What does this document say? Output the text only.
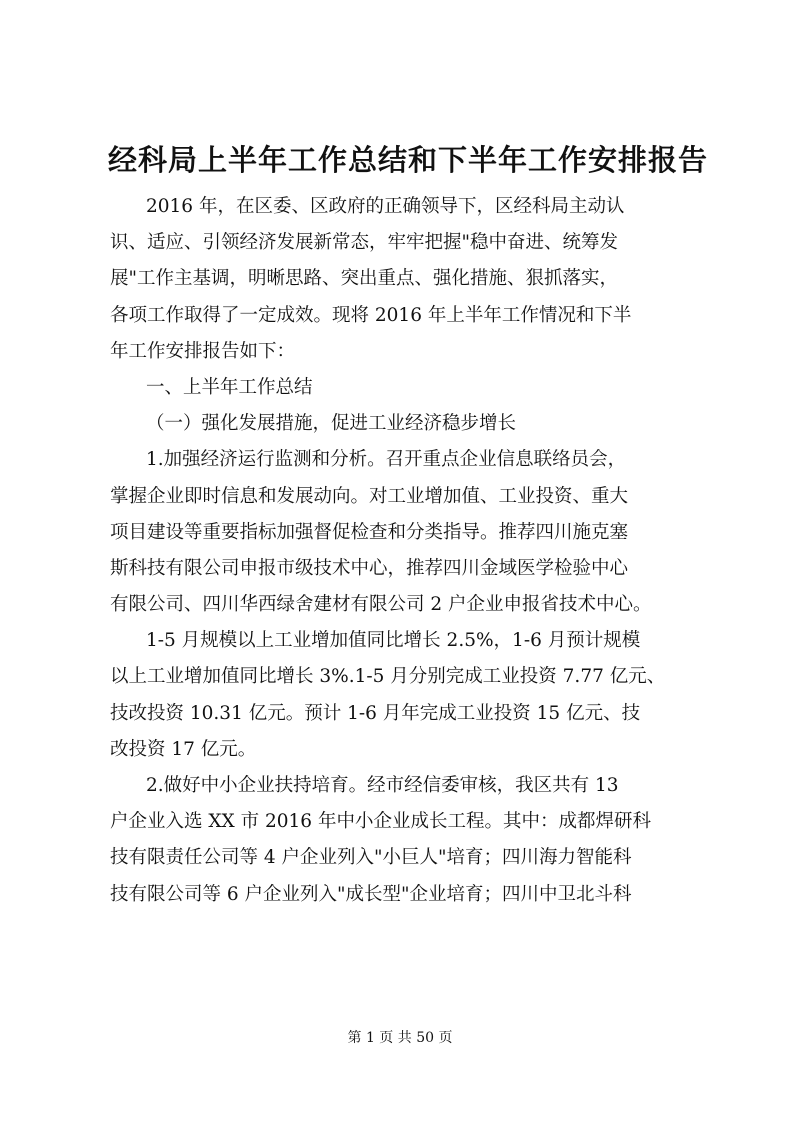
经科局上半年工作总结和下半年工作安排报告
2016 年，在区委、区政府的正确领导下，区经科局主动认
识、适应、引领经济发展新常态，牢牢把握"稳中奋进、统筹发
展"工作主基调，明晰思路、突出重点、强化措施、狠抓落实，
各项工作取得了一定成效。现将 2016 年上半年工作情况和下半
年工作安排报告如下：
一、上半年工作总结
（一）强化发展措施，促进工业经济稳步增长
1.加强经济运行监测和分析。召开重点企业信息联络员会，
掌握企业即时信息和发展动向。对工业增加值、工业投资、重大
项目建设等重要指标加强督促检查和分类指导。推荐四川施克塞
斯科技有限公司申报市级技术中心，推荐四川金域医学检验中心
有限公司、四川华西绿舍建材有限公司 2 户企业申报省技术中心。
1-5 月规模以上工业增加值同比增长 2.5%，1-6 月预计规模
以上工业增加值同比增长 3%.1-5 月分别完成工业投资 7.77 亿元、
技改投资 10.31 亿元。预计 1-6 月年完成工业投资 15 亿元、技
改投资 17 亿元。
2.做好中小企业扶持培育。经市经信委审核，我区共有 13
户企业入选 XX 市 2016 年中小企业成长工程。其中：成都焊研科
技有限责任公司等 4 户企业列入"小巨人"培育；四川海力智能科
技有限公司等 6 户企业列入"成长型"企业培育；四川中卫北斗科
第 1 页 共 50 页
